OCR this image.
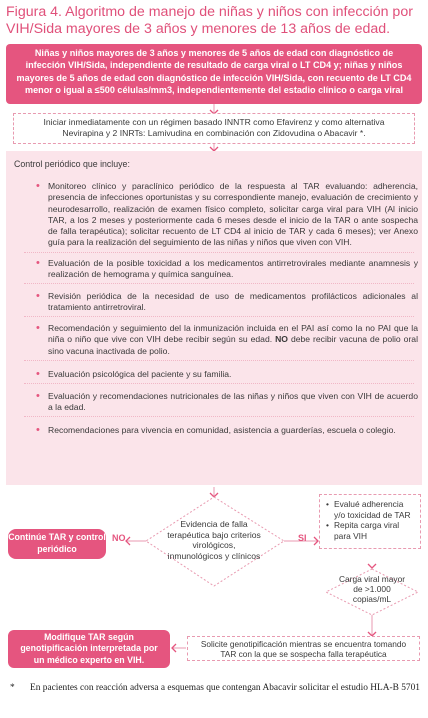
Figura 4. Algoritmo de manejo de niñas y niños con infección por VIH/Sida mayores de 3 años y menores de 13 años de edad.
Niñas y niños mayores de 3 años y menores de 5 años de edad con diagnóstico de infección VIH/Sida, independiente de resultado de carga viral o LT CD4 y; niñas y niños mayores de 5 años de edad con diagnóstico de infección VIH/Sida, con recuento de LT CD4 menor o igual a ≤500 células/mm3, independientemente del estadio clínico o carga viral
Iniciar inmediatamente con un régimen basado INNTR como Efavirenz y como alternativa Nevirapina y 2 INRTs: Lamivudina en combinación con Zidovudina o Abacavir *.
Control periódico que incluye:
•
Monitoreo clínico y paraclínico periódico de la respuesta al TAR evaluando: adherencia, presencia de infecciones oportunistas y su correspondiente manejo, evaluación de crecimiento y neurodesarrollo, realización de examen físico completo, solicitar carga viral para VIH (Al inicio TAR, a los 2 meses y posteriormente cada 6 meses desde el inicio de la TAR o ante sospecha de falla terapéutica); solicitar recuento de LT CD4 al inicio de TAR y cada 6 meses); ver Anexo guía para la realización del seguimiento de las niñas y niños que viven con VIH.
•
Evaluación de la posible toxicidad a los medicamentos antirretrovirales mediante anamnesis y realización de hemograma y química sanguínea.
•
Revisión periódica de la necesidad de uso de medicamentos profilácticos adicionales al tratamiento antirretroviral.
•
Recomendación y seguimiento del la inmunización incluida en el PAI así como la no PAI que la niña o niño que vive con VIH debe recibir según su edad. NO debe recibir vacuna de polio oral sino vacuna inactivada de polio.
•
Evaluación psicológica del paciente y su familia.
•
Evaluación y recomendaciones nutricionales de las niñas y niños que viven con VIH de acuerdo a la edad.
•
Recomendaciones para vivencia en comunidad, asistencia a guarderías, escuela o colegio.
Evidencia de falla terapéutica bajo criterios virológicos, inmunológicos y clínicos
NO	SI
Continúe TAR y control periódico
• Evalué adherencia y/o toxicidad de TAR
• Repita carga viral para VIH
Carga viral mayor de >1.000 copias/mL
Solicite genotipificación mientras se encuentra tomando TAR con la que se sospecha falla terapéutica
Modifique TAR según genotipificación interpretada por un médico experto en VIH.
* En pacientes con reacción adversa a esquemas que contengan Abacavir solicitar el estudio HLA-B 5701
